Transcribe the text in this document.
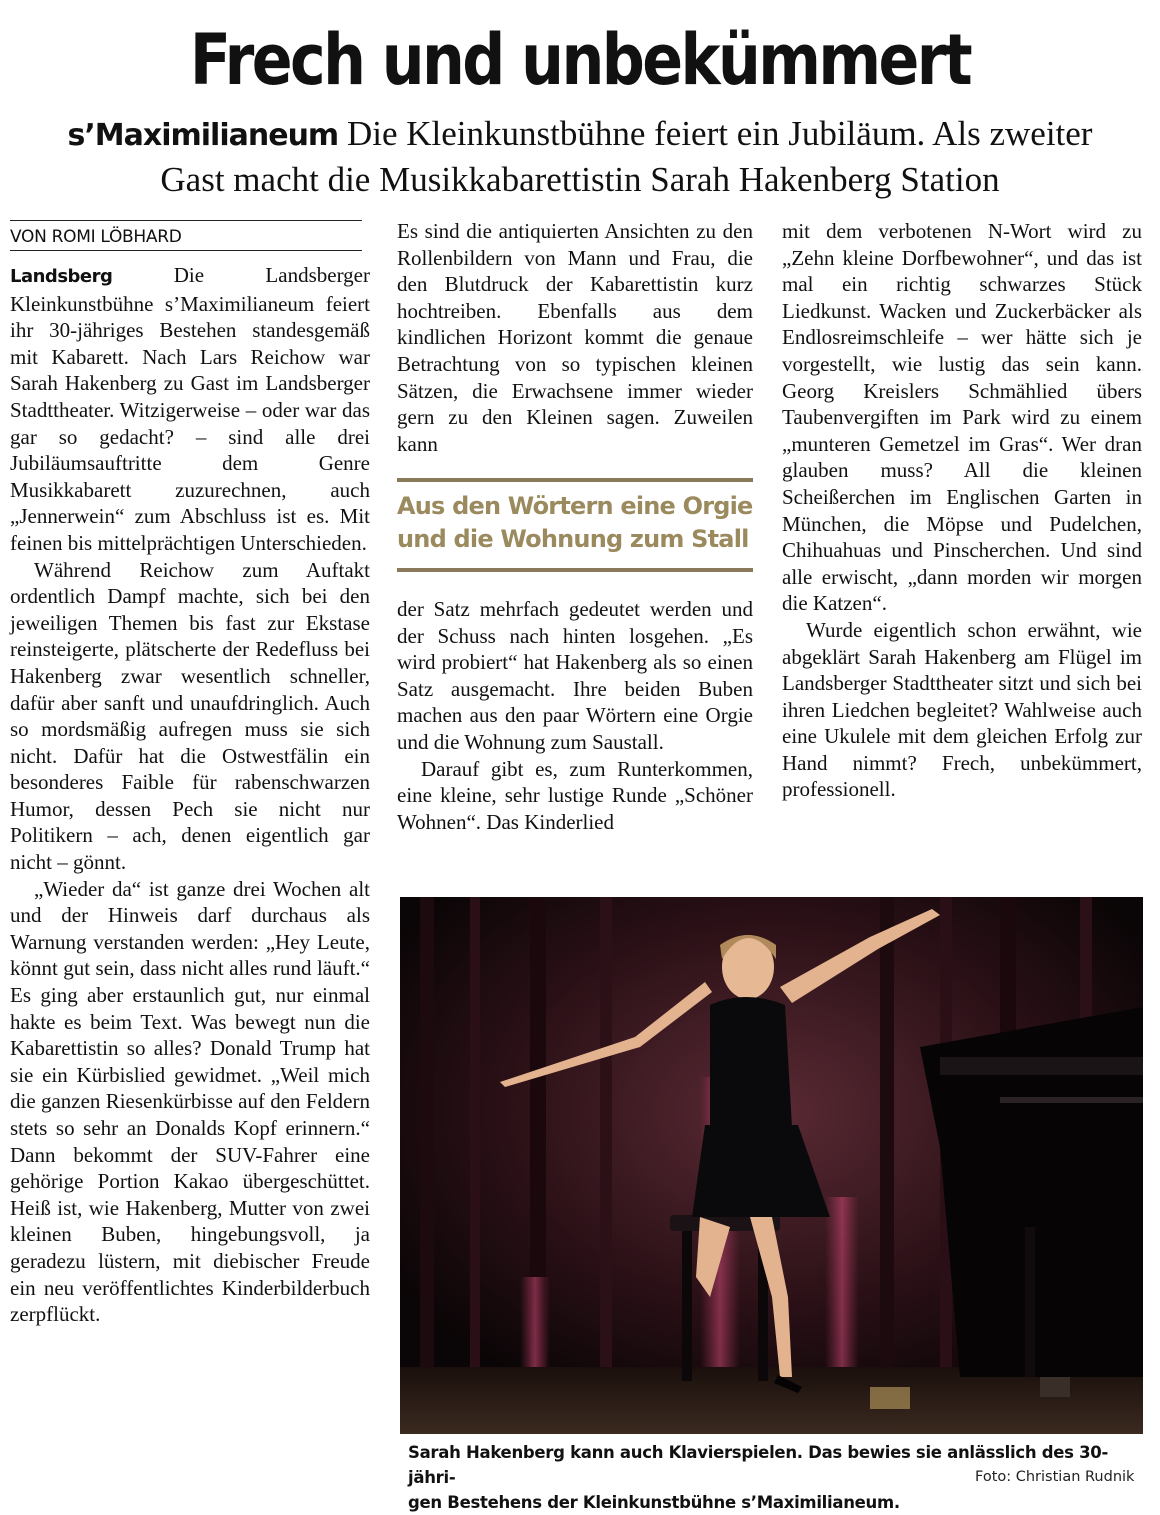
Frech und unbekümmert
s’Maximilianeum Die Kleinkunstbühne feiert ein Jubiläum. Als zweiter
Gast macht die Musikkabarettistin Sarah Hakenberg Station
VON ROMI LÖBHARD

Landsberg	Die Landsberger Kleinkunstbühne s’Maximilianeum feiert ihr 30-jähriges Bestehen standesgemäß mit Kabarett. Nach Lars Reichow war Sarah Hakenberg zu Gast im Landsberger Stadttheater. Witzigerweise – oder war das gar so gedacht? – sind alle drei Jubiläumsauftritte dem Genre Musikkabarett zuzurechnen, auch „Jennerwein“ zum Abschluss ist es. Mit feinen bis mittelprächtigen Unterschieden.

Während Reichow zum Auftakt ordentlich Dampf machte, sich bei den jeweiligen Themen bis fast zur Ekstase reinsteigerte, plätscherte der Redefluss bei Hakenberg zwar wesentlich schneller, dafür aber sanft und unaufdringlich. Auch so mordsmäßig aufregen muss sie sich nicht. Dafür hat die Ostwestfälin ein besonderes Faible für rabenschwarzen Humor, dessen Pech sie nicht nur Politikern – ach, denen eigentlich gar nicht – gönnt.

„Wieder da“ ist ganze drei Wochen alt und der Hinweis darf durchaus als Warnung verstanden werden: „Hey Leute, könnt gut sein, dass nicht alles rund läuft.“ Es ging aber erstaunlich gut, nur einmal hakte es beim Text. Was bewegt nun die Kabarettistin so alles? Donald Trump hat sie ein Kürbislied gewidmet. „Weil mich die ganzen Riesenkürbisse auf den Feldern stets so sehr an Donalds Kopf erinnern.“ Dann bekommt der SUV-Fahrer eine gehörige Portion Kakao übergeschüttet. Heiß ist, wie Hakenberg, Mutter von zwei kleinen Buben, hingebungsvoll, ja geradezu lüstern, mit diebischer Freude ein neu veröffentlichtes Kinderbilderbuch zerpflückt.

Es sind die antiquierten Ansichten zu den Rollenbildern von Mann und Frau, die den Blutdruck der Kabarettistin kurz hochtreiben. Ebenfalls aus dem kindlichen Horizont kommt die genaue Betrachtung von so typischen kleinen Sätzen, die Erwachsene immer wieder gern zu den Kleinen sagen. Zuweilen kann

Aus den Wörtern eine Orgie
und die Wohnung zum Stall

der Satz mehrfach gedeutet werden und der Schuss nach hinten losgehen. „Es wird probiert“ hat Hakenberg als so einen Satz ausgemacht. Ihre beiden Buben machen aus den paar Wörtern eine Orgie und die Wohnung zum Saustall.

Darauf gibt es, zum Runterkommen, eine kleine, sehr lustige Runde „Schöner Wohnen“. Das Kinderlied

mit dem verbotenen N-Wort wird zu „Zehn kleine Dorfbewohner“, und das ist mal ein richtig schwarzes Stück Liedkunst. Wacken und Zuckerbäcker als Endlosreimschleife – wer hätte sich je vorgestellt, wie lustig das sein kann. Georg Kreislers Schmählied übers Taubenvergiften im Park wird zu einem „munteren Gemetzel im Gras“. Wer dran glauben muss? All die kleinen Scheißerchen im Englischen Garten in München, die Möpse und Pudelchen, Chihuahuas und Pinscherchen. Und sind alle erwischt, „dann morden wir morgen die Katzen“.

Wurde eigentlich schon erwähnt, wie abgeklärt Sarah Hakenberg am Flügel im Landsberger Stadttheater sitzt und sich bei ihren Liedchen begleitet? Wahlweise auch eine Ukulele mit dem gleichen Erfolg zur Hand nimmt? Frech, unbekümmert, professionell.

Sarah Hakenberg kann auch Klavierspielen. Das bewies sie anlässlich des 30-jähri-
gen Bestehens der Kleinkunstbühne s’Maximilianeum.
Foto: Christian Rudnik
